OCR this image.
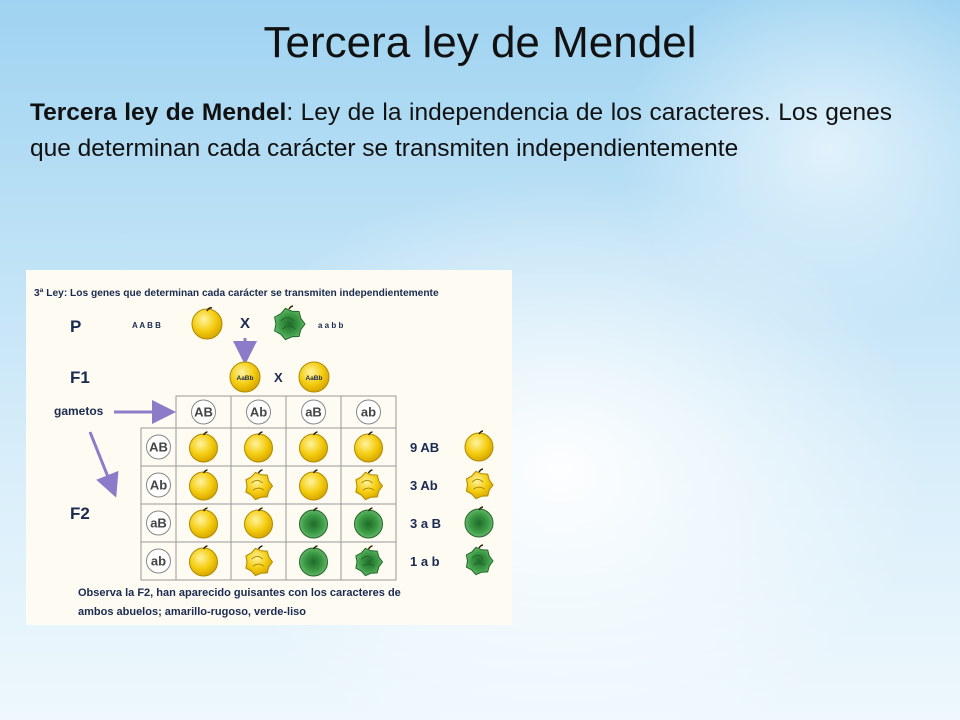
Tercera ley de Mendel
Tercera ley de Mendel: Ley de la independencia de los caracteres. Los genes que determinan cada carácter se transmiten independientemente
3ª Ley: Los genes que determinan cada carácter se transmiten independientemente
P
F1
gametos
F2
A A B B	X	a a b b
AaBb X	AaBb
AB	Ab	aB	ab
AB
Ab
aB
ab
9 AB
3 Ab
3 a B
1 a b
Observa la F2, han aparecido guisantes con los caracteres de
ambos abuelos; amarillo-rugoso, verde-liso
